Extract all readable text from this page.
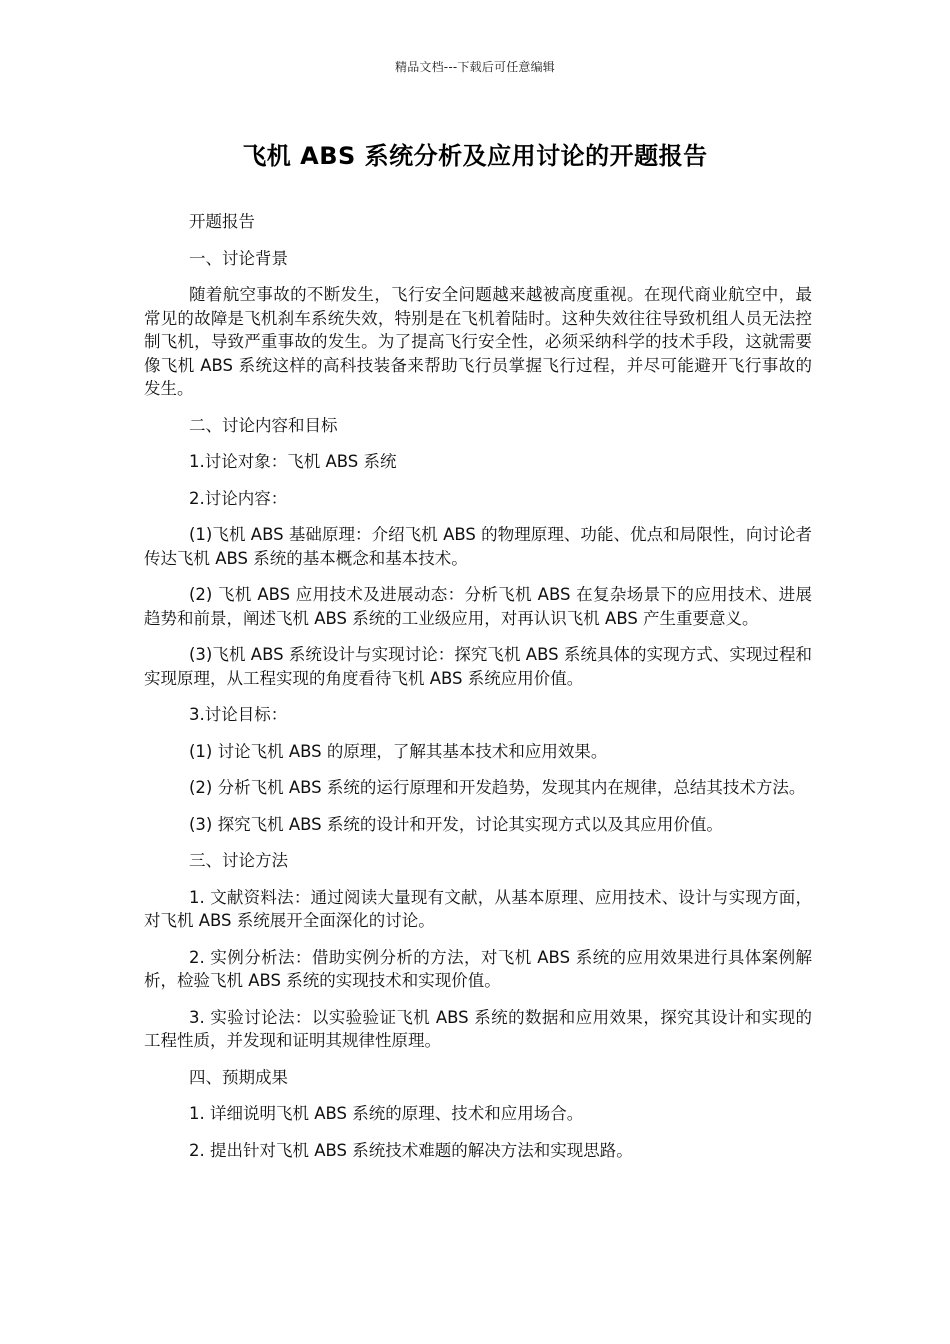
精品文档---下载后可任意编辑
飞机 ABS 系统分析及应用讨论的开题报告

开题报告

一、讨论背景

随着航空事故的不断发生，飞行安全问题越来越被高度重视。在现代商业航空中，最常见的故障是飞机刹车系统失效，特别是在飞机着陆时。这种失效往往导致机组人员无法控制飞机，导致严重事故的发生。为了提高飞行安全性，必须采纳科学的技术手段，这就需要像飞机 ABS 系统这样的高科技装备来帮助飞行员掌握飞行过程，并尽可能避开飞行事故的发生。

二、讨论内容和目标

1.讨论对象：飞机 ABS 系统

2.讨论内容：

(1)飞机 ABS 基础原理：介绍飞机 ABS 的物理原理、功能、优点和局限性，向讨论者传达飞机 ABS 系统的基本概念和基本技术。

(2) 飞机 ABS 应用技术及进展动态：分析飞机 ABS 在复杂场景下的应用技术、进展趋势和前景，阐述飞机 ABS 系统的工业级应用，对再认识飞机 ABS 产生重要意义。

(3)飞机 ABS 系统设计与实现讨论：探究飞机 ABS 系统具体的实现方式、实现过程和实现原理，从工程实现的角度看待飞机 ABS 系统应用价值。

3.讨论目标：

(1) 讨论飞机 ABS 的原理，了解其基本技术和应用效果。

(2) 分析飞机 ABS 系统的运行原理和开发趋势，发现其内在规律，总结其技术方法。

(3) 探究飞机 ABS 系统的设计和开发，讨论其实现方式以及其应用价值。

三、讨论方法

1. 文献资料法：通过阅读大量现有文献，从基本原理、应用技术、设计与实现方面，对飞机 ABS 系统展开全面深化的讨论。

2. 实例分析法：借助实例分析的方法，对飞机 ABS 系统的应用效果进行具体案例解析，检验飞机 ABS 系统的实现技术和实现价值。

3. 实验讨论法：以实验验证飞机 ABS 系统的数据和应用效果，探究其设计和实现的工程性质，并发现和证明其规律性原理。

四、预期成果

1. 详细说明飞机 ABS 系统的原理、技术和应用场合。

2. 提出针对飞机 ABS 系统技术难题的解决方法和实现思路。
